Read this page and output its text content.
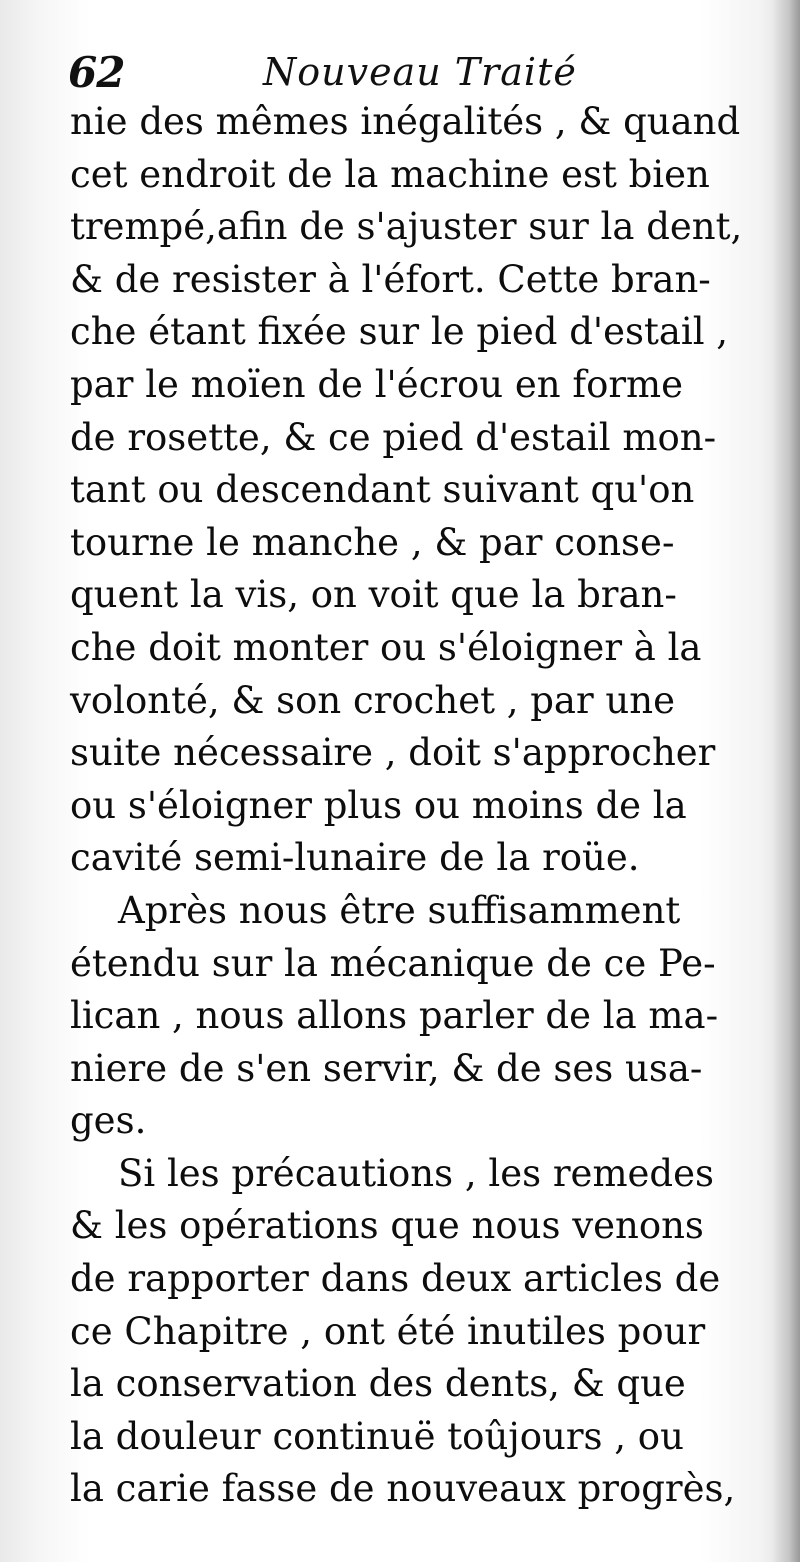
62	Nouveau Traité
nie des mêmes inégalités , & quand
cet endroit de la machine est bien
trempé,afin de s'ajuster sur la dent,
& de resister à l'éfort. Cette bran-
che étant fixée sur le pied d'estail ,
par le moïen de l'écrou en forme
de rosette, & ce pied d'estail mon-
tant ou descendant suivant qu'on
tourne le manche , & par conse-
quent la vis, on voit que la bran-
che doit monter ou s'éloigner à la
volonté, & son crochet , par une
suite nécessaire , doit s'approcher
ou s'éloigner plus ou moins de la
cavité semi-lunaire de la roüe.
Après nous être suffisamment
étendu sur la mécanique de ce Pe-
lican , nous allons parler de la ma-
niere de s'en servir, & de ses usa-
ges.
Si les précautions , les remedes
& les opérations que nous venons
de rapporter dans deux articles de
ce Chapitre , ont été inutiles pour
la conservation des dents, & que
la douleur continuë toûjours , ou
la carie fasse de nouveaux progrès,
